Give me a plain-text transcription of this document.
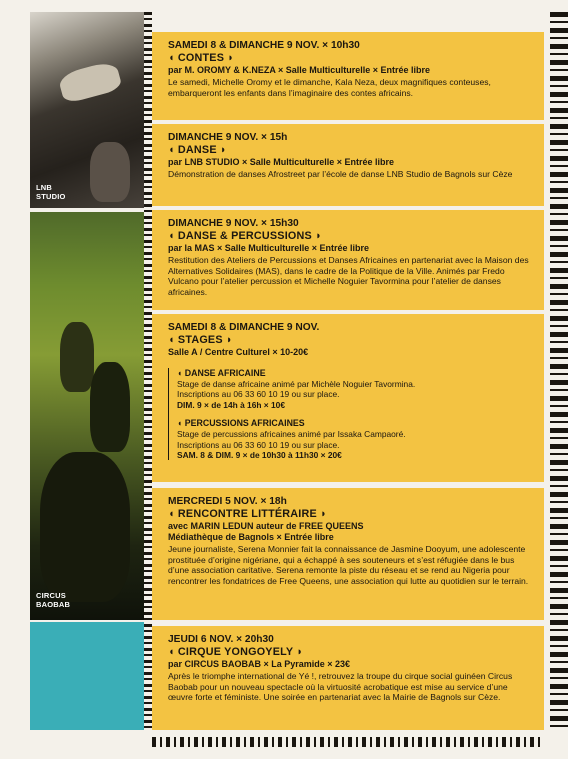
LNB
STUDIO
CIRCUS
BAOBAB
SAMEDI 8 & DIMANCHE 9 NOV. × 10h30
◖ CONTES ◗
par M. OROMY & K.NEZA × Salle Multiculturelle × Entrée libre
Le samedi, Michelle Oromy et le dimanche, Kala Neza, deux magnifiques conteuses, embarqueront les enfants dans l’imaginaire des contes africains.
DIMANCHE 9 NOV. × 15h
◖ DANSE ◗
par LNB STUDIO × Salle Multiculturelle × Entrée libre
Démonstration de danses Afrostreet par l’école de danse LNB Studio de Bagnols sur Cèze
DIMANCHE 9 NOV. × 15h30
◖ DANSE & PERCUSSIONS ◗
par la MAS × Salle Multiculturelle × Entrée libre
Restitution des Ateliers de Percussions et Danses Africaines en partenariat avec la Maison des Alternatives Solidaires (MAS), dans le cadre de la Politique de la Ville. Animés par Fredo Vulcano pour l’atelier percussion et Michelle Noguier Tavormina pour l’atelier de danses africaines.
SAMEDI 8 & DIMANCHE 9 NOV.
◖ STAGES ◗
Salle A / Centre Culturel × 10-20€
◖ DANSE AFRICAINE
Stage de danse africaine animé par Michèle Noguier Tavormina.
Inscriptions au 06 33 60 10 19 ou sur place.
DIM. 9 × de 14h à 16h × 10€
◖ PERCUSSIONS AFRICAINES
Stage de percussions africaines animé par Issaka Campaoré.
Inscriptions au 06 33 60 10 19 ou sur place.
SAM. 8 & DIM. 9 × de 10h30 à 11h30 × 20€
MERCREDI 5 NOV. × 18h
◖ RENCONTRE LITTÉRAIRE ◗
avec MARIN LEDUN auteur de FREE QUEENS
Médiathèque de Bagnols × Entrée libre
Jeune journaliste, Serena Monnier fait la connaissance de Jasmine Dooyum, une adolescente prostituée d’origine nigériane, qui a échappé à ses souteneurs et s’est réfugiée dans le bus d’une association caritative. Serena remonte la piste du réseau et se rend au Nigeria pour rencontrer les fondatrices de Free Queens, une association qui lutte au quotidien sur le terrain.
JEUDI 6 NOV. × 20h30
◖ CIRQUE YONGOYELY ◗
par CIRCUS BAOBAB × La Pyramide × 23€
Après le triomphe international de Yé !, retrouvez la troupe du cirque social guinéen Circus Baobab pour un nouveau spectacle où la virtuosité acrobatique est mise au service d’une œuvre forte et féministe. Une soirée en partenariat avec la Mairie de Bagnols sur Cèze.
